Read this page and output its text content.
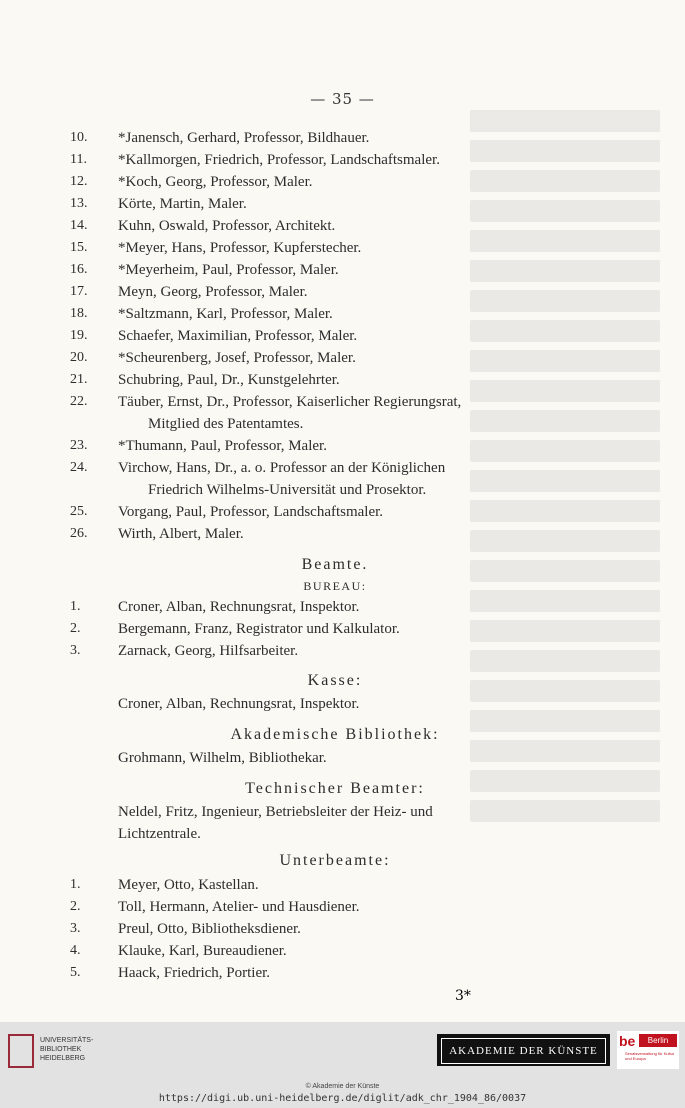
— 35 —
10.	*Janensch, Gerhard, Professor, Bildhauer.
11.	*Kallmorgen, Friedrich, Professor, Landschaftsmaler.
12.	*Koch, Georg, Professor, Maler.
13.	Körte, Martin, Maler.
14.	Kuhn, Oswald, Professor, Architekt.
15.	*Meyer, Hans, Professor, Kupferstecher.
16.	*Meyerheim, Paul, Professor, Maler.
17.	Meyn, Georg, Professor, Maler.
18.	*Saltzmann, Karl, Professor, Maler.
19.	Schaefer, Maximilian, Professor, Maler.
20.	*Scheurenberg, Josef, Professor, Maler.
21.	Schubring, Paul, Dr., Kunstgelehrter.
22.	Täuber, Ernst, Dr., Professor, Kaiserlicher Regierungsrat,
Mitglied des Patentamtes.
23.	*Thumann, Paul, Professor, Maler.
24.	Virchow, Hans, Dr., a. o. Professor an der Königlichen
Friedrich Wilhelms-Universität und Prosektor.
25.	Vorgang, Paul, Professor, Landschaftsmaler.
26.	Wirth, Albert, Maler.
Beamte.
BUREAU:
1.	Croner, Alban, Rechnungsrat, Inspektor.
2.	Bergemann, Franz, Registrator und Kalkulator.
3.	Zarnack, Georg, Hilfsarbeiter.
Kasse:
Croner, Alban, Rechnungsrat, Inspektor.
Akademische Bibliothek:
Grohmann, Wilhelm, Bibliothekar.
Technischer Beamter:
Neldel, Fritz, Ingenieur, Betriebsleiter der Heiz- und
Lichtzentrale.
Unterbeamte:
1.	Meyer, Otto, Kastellan.
2.	Toll, Hermann, Atelier- und Hausdiener.
3.	Preul, Otto, Bibliotheksdiener.
4.	Klauke, Karl, Bureaudiener.
5.	Haack, Friedrich, Portier.
3*
UNIVERSITÄTS-
BIBLIOTHEK
HEIDELBERG
AKADEMIE DER KÜNSTE
be	Berlin
Senatsverwaltung für Kultur und Europa
© Akademie der Künste
https://digi.ub.uni-heidelberg.de/diglit/adk_chr_1904_86/0037
